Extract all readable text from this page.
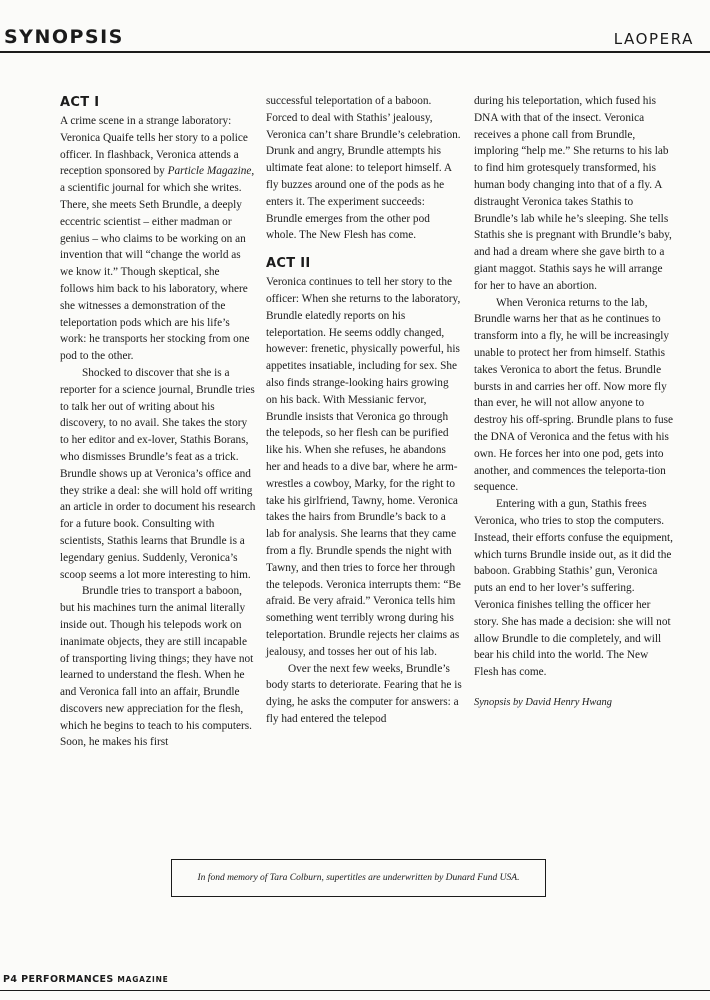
SYNOPSIS	LAOPERA
ACT I

A crime scene in a strange laboratory: Veronica Quaife tells her story to a police officer. In flashback, Veronica attends a reception sponsored by Particle Magazine, a scientific journal for which she writes. There, she meets Seth Brundle, a deeply eccentric scientist – either madman or genius – who claims to be working on an invention that will “change the world as we know it.” Though skeptical, she follows him back to his laboratory, where she witnesses a demonstration of the teleportation pods which are his life’s work: he transports her stocking from one pod to the other.

Shocked to discover that she is a reporter for a science journal, Brundle tries to talk her out of writing about his discovery, to no avail. She takes the story to her editor and ex-lover, Stathis Borans, who dismisses Brundle’s feat as a trick. Brundle shows up at Veronica’s office and they strike a deal: she will hold off writing an article in order to document his research for a future book. Consulting with scientists, Stathis learns that Brundle is a legendary genius. Suddenly, Veronica’s scoop seems a lot more interesting to him.

Brundle tries to transport a baboon, but his machines turn the animal literally inside out. Though his telepods work on inanimate objects, they are still incapable of transporting living things; they have not learned to understand the flesh. When he and Veronica fall into an affair, Brundle discovers new appreciation for the flesh, which he begins to teach to his computers. Soon, he makes his first

successful teleportation of a baboon. Forced to deal with Stathis’ jealousy, Veronica can’t share Brundle’s celebration. Drunk and angry, Brundle attempts his ultimate feat alone: to teleport himself. A fly buzzes around one of the pods as he enters it. The experiment succeeds: Brundle emerges from the other pod whole. The New Flesh has come.

ACT II

Veronica continues to tell her story to the officer: When she returns to the laboratory, Brundle elatedly reports on his teleportation. He seems oddly changed, however: frenetic, physically powerful, his appetites insatiable, including for sex. She also finds strange-looking hairs growing on his back. With Messianic fervor, Brundle insists that Veronica go through the telepods, so her flesh can be purified like his. When she refuses, he abandons her and heads to a dive bar, where he arm-wrestles a cowboy, Marky, for the right to take his girlfriend, Tawny, home. Veronica takes the hairs from Brundle’s back to a lab for analysis. She learns that they came from a fly. Brundle spends the night with Tawny, and then tries to force her through the telepods. Veronica interrupts them: “Be afraid. Be very afraid.” Veronica tells him something went terribly wrong during his teleportation. Brundle rejects her claims as jealousy, and tosses her out of his lab.

Over the next few weeks, Brundle’s body starts to deteriorate. Fearing that he is dying, he asks the computer for answers: a fly had entered the telepod

during his teleportation, which fused his DNA with that of the insect. Veronica receives a phone call from Brundle, imploring “help me.” She returns to his lab to find him grotesquely transformed, his human body changing into that of a fly. A distraught Veronica takes Stathis to Brundle’s lab while he’s sleeping. She tells Stathis she is pregnant with Brundle’s baby, and had a dream where she gave birth to a giant maggot. Stathis says he will arrange for her to have an abortion.

When Veronica returns to the lab, Brundle warns her that as he continues to transform into a fly, he will be increasingly unable to protect her from himself. Stathis takes Veronica to abort the fetus. Brundle bursts in and carries her off. Now more fly than ever, he will not allow anyone to destroy his off-spring. Brundle plans to fuse the DNA of Veronica and the fetus with his own. He forces her into one pod, gets into another, and commences the teleporta-tion sequence.

Entering with a gun, Stathis frees Veronica, who tries to stop the computers. Instead, their efforts confuse the equipment, which turns Brundle inside out, as it did the baboon. Grabbing Stathis’ gun, Veronica puts an end to her lover’s suffering. Veronica finishes telling the officer her story. She has made a decision: she will not allow Brundle to die completely, and will bear his child into the world. The New Flesh has come.

Synopsis by David Henry Hwang
In fond memory of Tara Colburn, supertitles are underwritten by Dunard Fund USA.
P4 PERFORMANCES MAGAZINE
